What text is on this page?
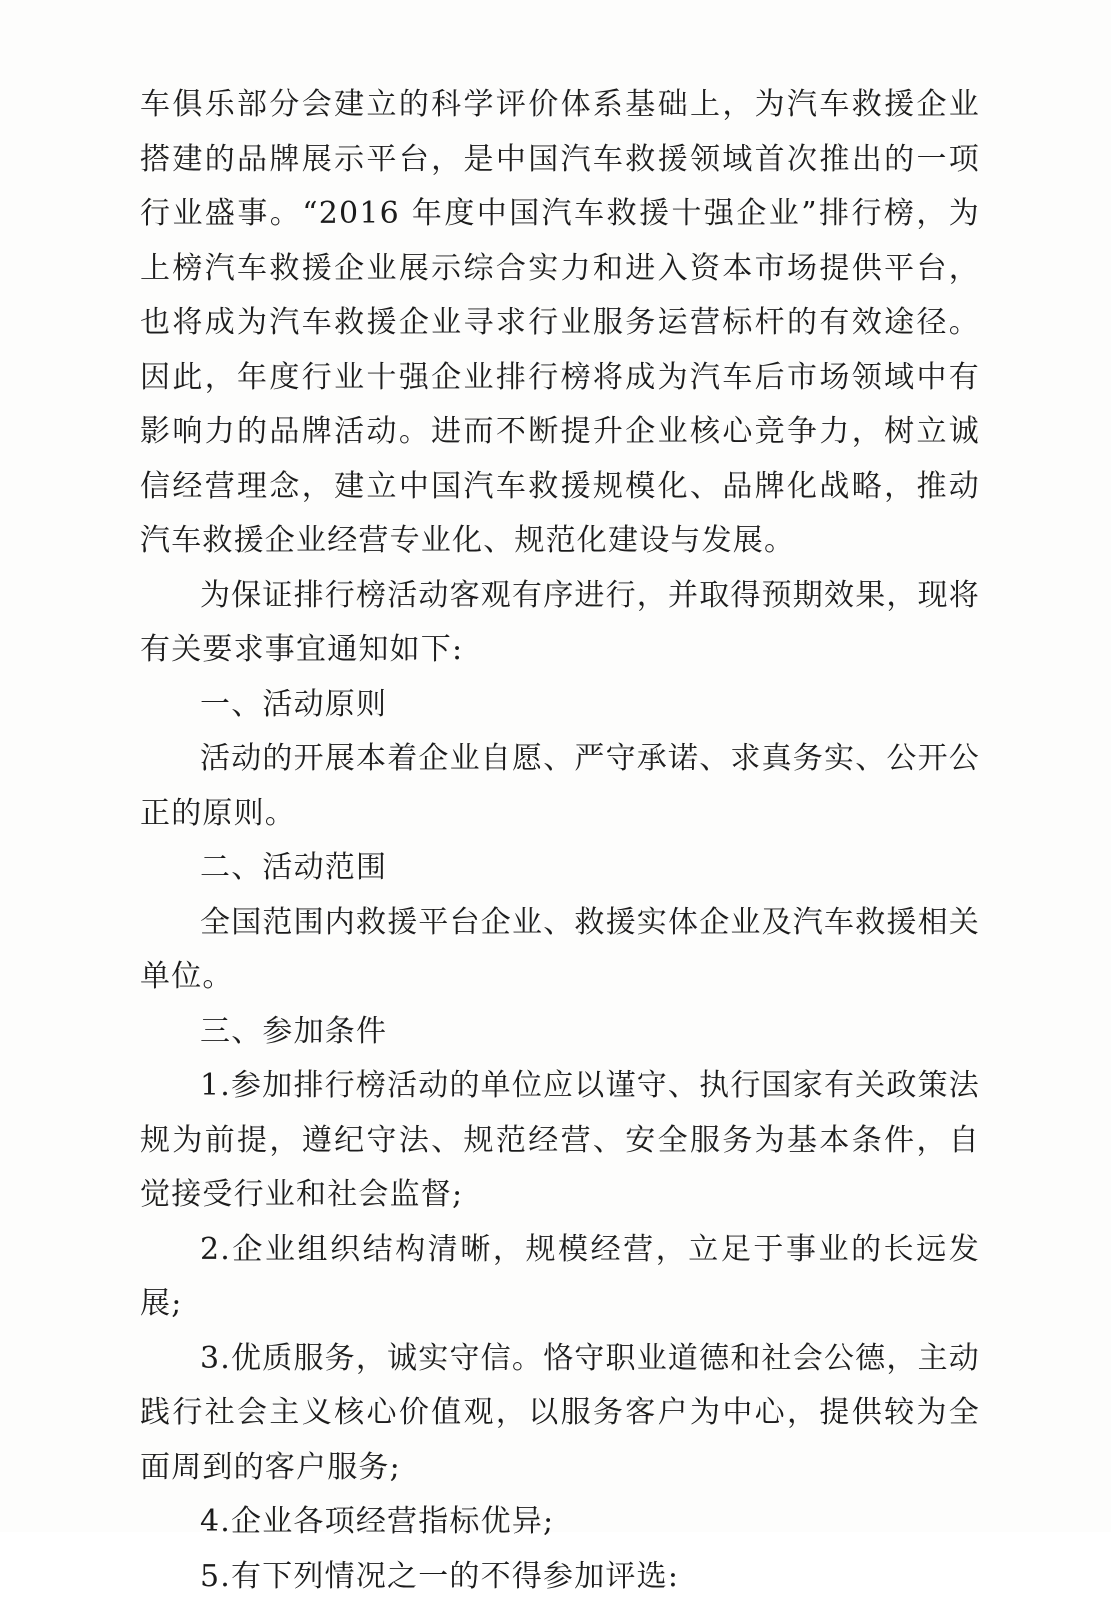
车俱乐部分会建立的科学评价体系基础上，为汽车救援企业搭建的品牌展示平台，是中国汽车救援领域首次推出的一项行业盛事。“2016 年度中国汽车救援十强企业”排行榜，为上榜汽车救援企业展示综合实力和进入资本市场提供平台，也将成为汽车救援企业寻求行业服务运营标杆的有效途径。因此，年度行业十强企业排行榜将成为汽车后市场领域中有影响力的品牌活动。进而不断提升企业核心竞争力，树立诚信经营理念，建立中国汽车救援规模化、品牌化战略，推动汽车救援企业经营专业化、规范化建设与发展。

为保证排行榜活动客观有序进行，并取得预期效果，现将有关要求事宜通知如下:

一、活动原则

活动的开展本着企业自愿、严守承诺、求真务实、公开公正的原则。

二、活动范围

全国范围内救援平台企业、救援实体企业及汽车救援相关单位。

三、参加条件

1.参加排行榜活动的单位应以谨守、执行国家有关政策法规为前提，遵纪守法、规范经营、安全服务为基本条件，自觉接受行业和社会监督;

2.企业组织结构清晰，规模经营，立足于事业的长远发展;

3.优质服务，诚实守信。恪守职业道德和社会公德，主动践行社会主义核心价值观，以服务客户为中心，提供较为全面周到的客户服务;

4.企业各项经营指标优异;

5.有下列情况之一的不得参加评选:
